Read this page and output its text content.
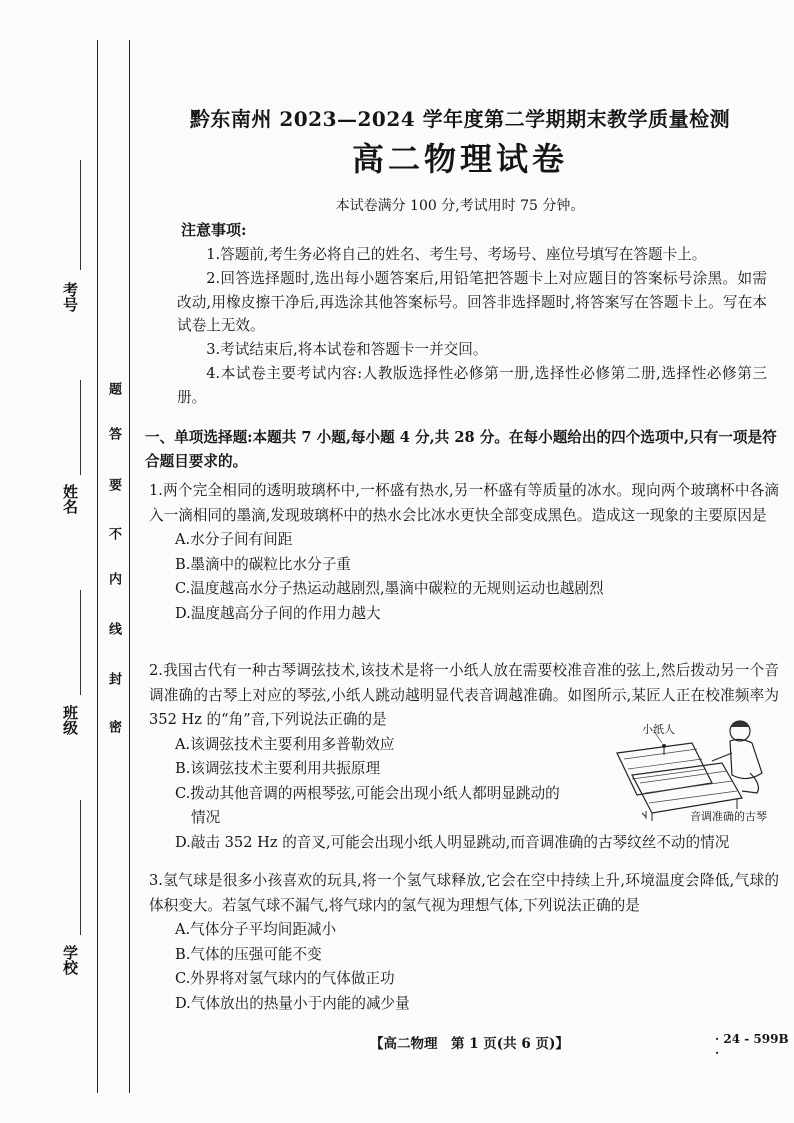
考号
姓名
班级
学校
题
答
要
不
内
线
封
密
黔东南州 2023—2024 学年度第二学期期末教学质量检测
高二物理试卷
本试卷满分 100 分,考试用时 75 分钟。
注意事项:

1.答题前,考生务必将自己的姓名、考生号、考场号、座位号填写在答题卡上。

2.回答选择题时,选出每小题答案后,用铅笔把答题卡上对应题目的答案标号涂黑。如需改动,用橡皮擦干净后,再选涂其他答案标号。回答非选择题时,将答案写在答题卡上。写在本试卷上无效。

3.考试结束后,将本试卷和答题卡一并交回。

4.本试卷主要考试内容:人教版选择性必修第一册,选择性必修第二册,选择性必修第三册。

一、单项选择题:本题共 7 小题,每小题 4 分,共 28 分。在每小题给出的四个选项中,只有一项是符合题目要求的。

1.两个完全相同的透明玻璃杯中,一杯盛有热水,另一杯盛有等质量的冰水。现向两个玻璃杯中各滴入一滴相同的墨滴,发现玻璃杯中的热水会比冰水更快全部变成黑色。造成这一现象的主要原因是

A.水分子间有间距

B.墨滴中的碳粒比水分子重

C.温度越高水分子热运动越剧烈,墨滴中碳粒的无规则运动也越剧烈

D.温度越高分子间的作用力越大

2.我国古代有一种古琴调弦技术,该技术是将一小纸人放在需要校准音准的弦上,然后拨动另一个音调准确的古琴上对应的琴弦,小纸人跳动越明显代表音调越准确。如图所示,某匠人正在校准频率为 352 Hz 的“角”音,下列说法正确的是

A.该调弦技术主要利用多普勒效应

B.该调弦技术主要利用共振原理

C.拨动其他音调的两根琴弦,可能会出现小纸人都明显跳动的

情况

D.敲击 352 Hz 的音叉,可能会出现小纸人明显跳动,而音调准确的古琴纹丝不动的情况

3.氢气球是很多小孩喜欢的玩具,将一个氢气球释放,它会在空中持续上升,环境温度会降低,气球的体积变大。若氢气球不漏气,将气球内的氢气视为理想气体,下列说法正确的是

A.气体分子平均间距减小

B.气体的压强可能不变

C.外界将对氢气球内的气体做正功

D.气体放出的热量小于内能的减少量

小纸人
音调准确的古琴
【高二物理　第 1 页(共 6 页)】	· 24 - 599B ·
